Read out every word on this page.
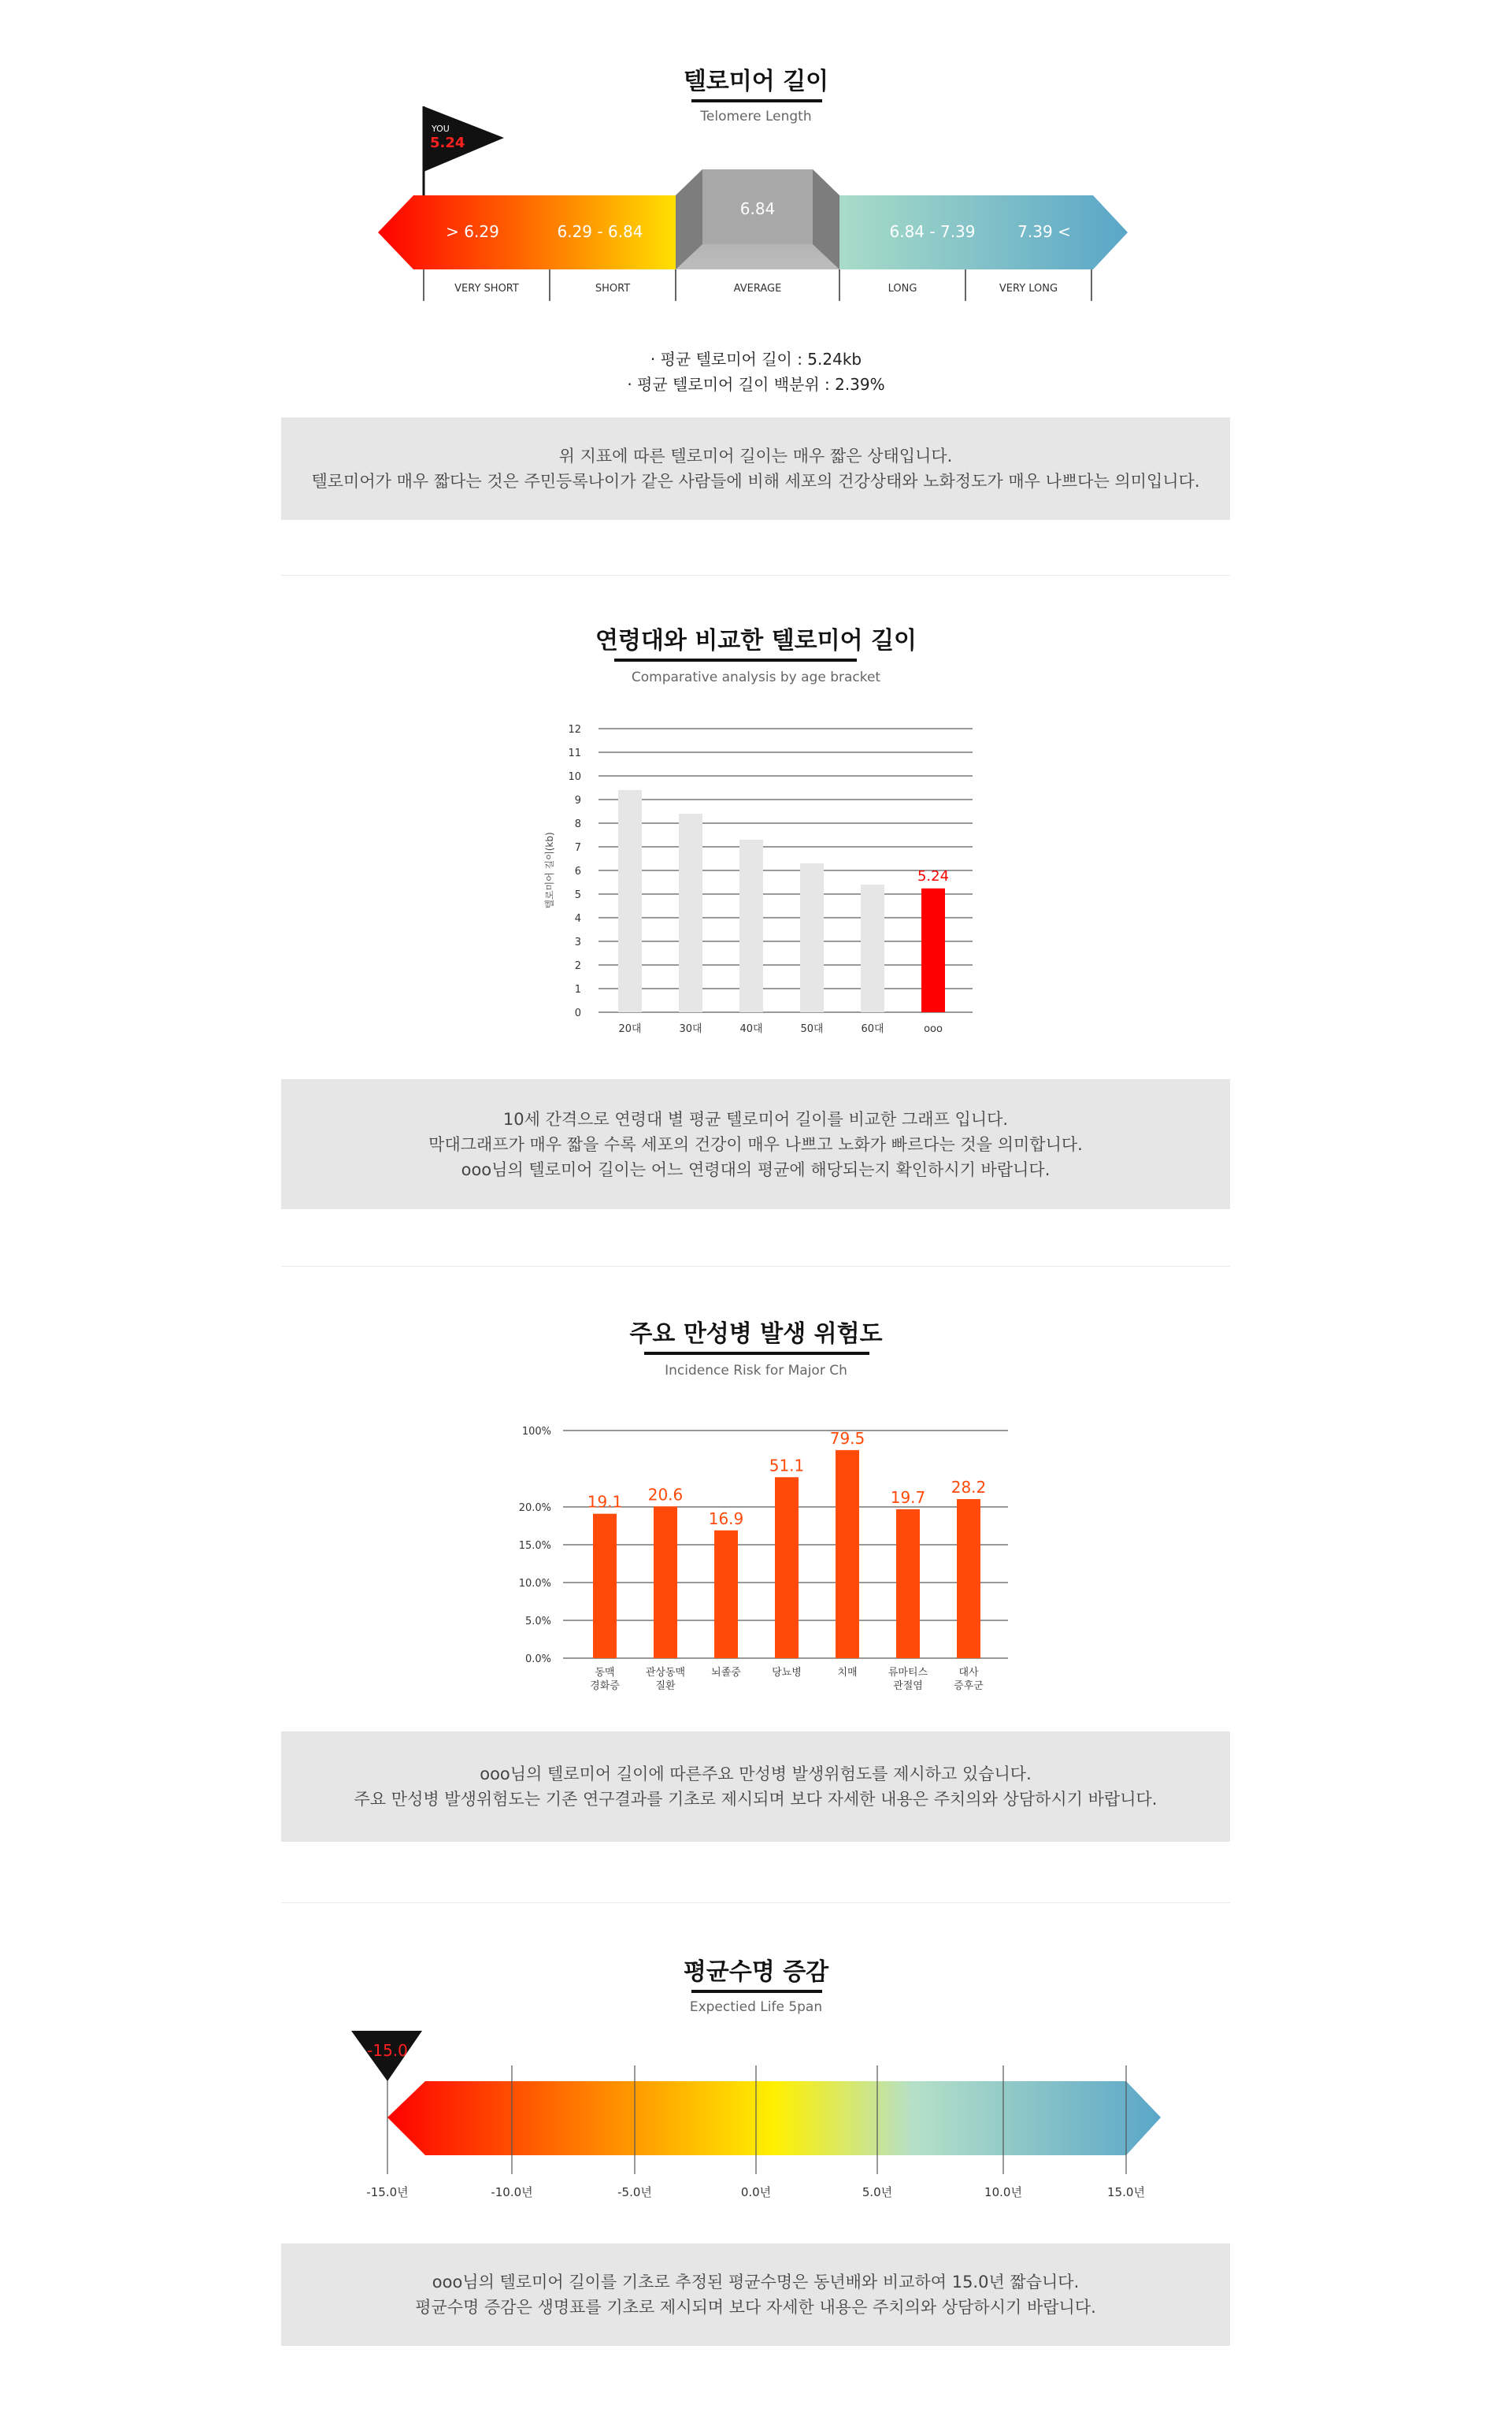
텔로미어 길이
Telomere Length
YOU
5.24
> 6.29	6.29 - 6.84
6.84
6.84 - 7.39	7.39 <
VERY SHORT	SHORT	AVERAGE	LONG	VERY LONG
· 평균 텔로미어 길이 : 5.24kb
· 평균 텔로미어 길이 백분위 : 2.39%
위 지표에 따른 텔로미어 길이는 매우 짧은 상태입니다.
텔로미어가 매우 짧다는 것은 주민등록나이가 같은 사람들에 비해 세포의 건강상태와 노화정도가 매우 나쁘다는 의미입니다.
연령대와 비교한 텔로미어 길이
Comparative analysis by age bracket
0
1
2
3
4
5
6
7
8
9
10
11
12
텔로미어 길이(kb)
20대	30대	40대	50대	60대	ooo
5.24
10세 간격으로 연령대 별 평균 텔로미어 길이를 비교한 그래프 입니다.
막대그래프가 매우 짧을 수록 세포의 건강이 매우 나쁘고 노화가 빠르다는 것을 의미합니다.
ooo님의 텔로미어 길이는 어느 연령대의 평균에 해당되는지 확인하시기 바랍니다.
주요 만성병 발생 위험도
Incidence Risk for Major Ch
0.0%
5.0%
10.0%
15.0%
20.0%
100%
19.1
동맥
경화증
20.6
관상동맥
질환
16.9
뇌졸중
51.1
당뇨병
79.5
치매
19.7
류마티스
관절염
28.2
대사
증후군
ooo님의 텔로미어 길이에 따른주요 만성병 발생위험도를 제시하고 있습니다.
주요 만성병 발생위험도는 기존 연구결과를 기초로 제시되며 보다 자세한 내용은 주치의와 상담하시기 바랍니다.
평균수명 증감
Expectied Life 5pan
-15.0
-15.0년	-10.0년	-5.0년	0.0년	5.0년	10.0년	15.0년
ooo님의 텔로미어 길이를 기초로 추정된 평균수명은 동년배와 비교하여 15.0년 짧습니다.
평균수명 증감은 생명표를 기초로 제시되며 보다 자세한 내용은 주치의와 상담하시기 바랍니다.
